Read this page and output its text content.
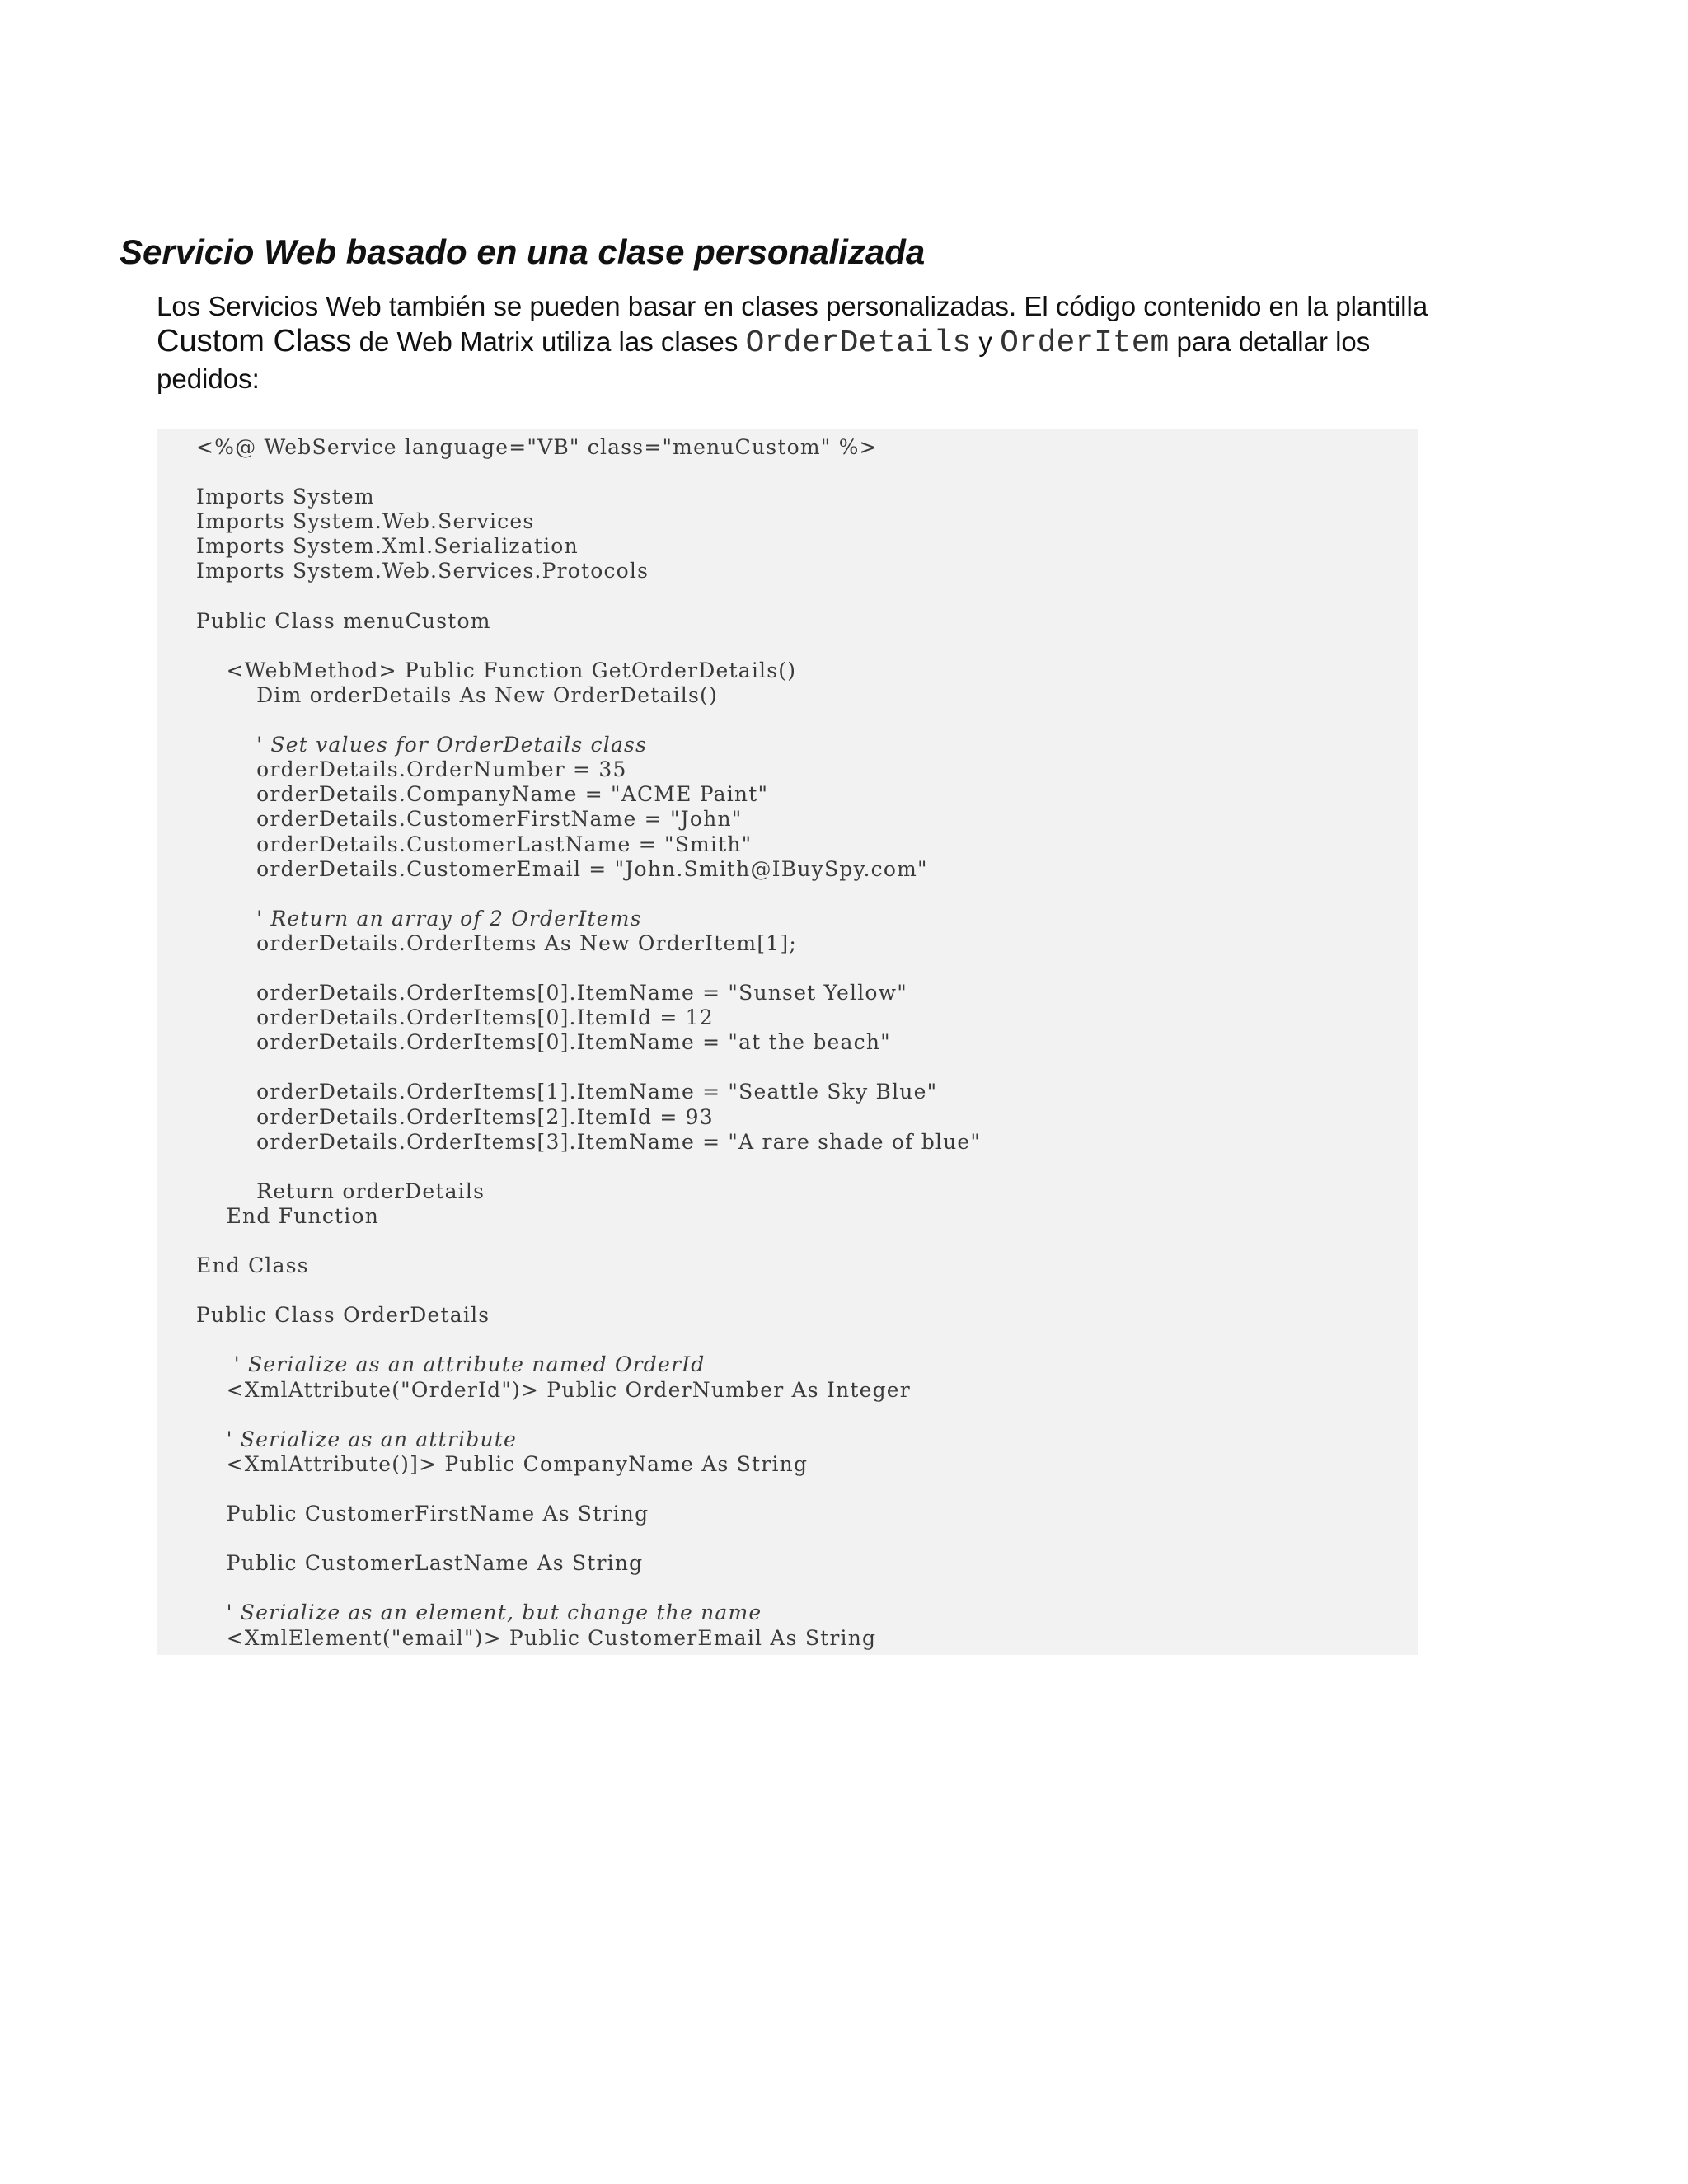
Servicio Web basado en una clase personalizada

Los Servicios Web también se pueden basar en clases personalizadas. El código contenido en la plantilla Custom Class de Web Matrix utiliza las clases OrderDetails y OrderItem para detallar los pedidos:

<%@ WebService language="VB" class="menuCustom" %>
Imports System
Imports System.Web.Services
Imports System.Xml.Serialization
Imports System.Web.Services.Protocols
Public Class menuCustom
<WebMethod> Public Function GetOrderDetails()
Dim orderDetails As New OrderDetails()
' Set values for OrderDetails class
orderDetails.OrderNumber = 35
orderDetails.CompanyName = "ACME Paint"
orderDetails.CustomerFirstName = "John"
orderDetails.CustomerLastName = "Smith"
orderDetails.CustomerEmail = "John.Smith@IBuySpy.com"
' Return an array of 2 OrderItems
orderDetails.OrderItems As New OrderItem[1];
orderDetails.OrderItems[0].ItemName = "Sunset Yellow"
orderDetails.OrderItems[0].ItemId = 12
orderDetails.OrderItems[0].ItemName = "at the beach"
orderDetails.OrderItems[1].ItemName = "Seattle Sky Blue"
orderDetails.OrderItems[2].ItemId = 93
orderDetails.OrderItems[3].ItemName = "A rare shade of blue"
Return orderDetails
End Function
End Class
Public Class OrderDetails
' Serialize as an attribute named OrderId
<XmlAttribute("OrderId")> Public OrderNumber As Integer
' Serialize as an attribute
<XmlAttribute()]> Public CompanyName As String
Public CustomerFirstName As String
Public CustomerLastName As String
' Serialize as an element, but change the name
<XmlElement("email")> Public CustomerEmail As String
